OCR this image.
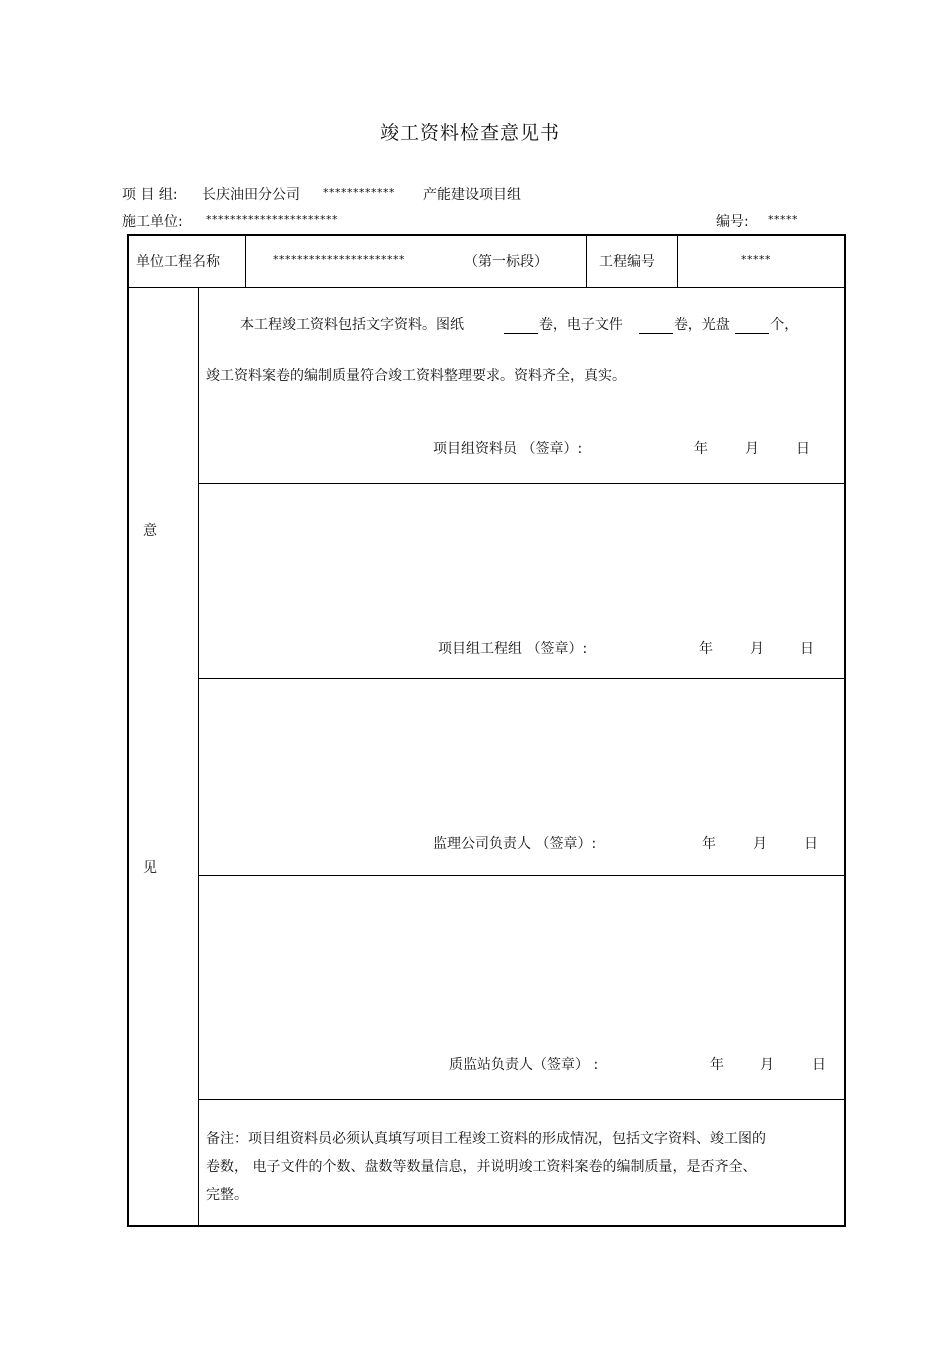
竣工资料检查意见书
项 目 组: 长庆油田分公司 ************ 产能建设项目组
施工单位: **********************	编号: *****
单位工程名称	**********************	（第一标段）	工程编号	*****
意
见
本工程竣工资料包括文字资料。图纸	卷，电子文件	卷，光盘	个，
竣工资料案卷的编制质量符合竣工资料整理要求。资料齐全，真实。
项目组资料员 （签章）:	年	月	日
项目组工程组 （签章）:	年	月	日
监理公司负责人 （签章）:	年	月	日
质监站负责人（签章） :	年	月	日
备注：项目组资料员必须认真填写项目工程竣工资料的形成情况，包括文字资料、竣工图的卷数， 电子文件的个数、盘数等数量信息，并说明竣工资料案卷的编制质量，是否齐全、完整。
